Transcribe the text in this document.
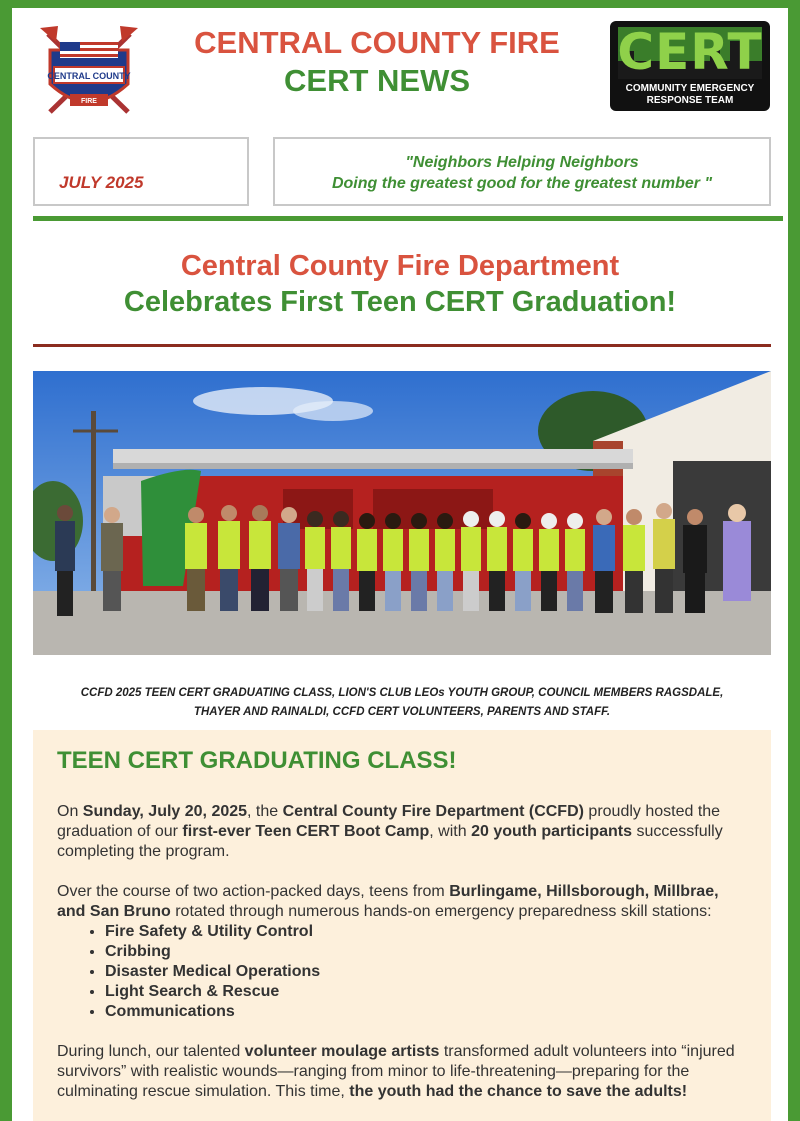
CENTRAL COUNTY
FIRE
CENTRAL COUNTY FIRE
CERT NEWS	CERT
COMMUNITY EMERGENCY
RESPONSE TEAM
JULY 2025
"Neighbors Helping Neighbors
Doing the greatest good for the greatest number "
Central County Fire Department
Celebrates First Teen CERT Graduation!
CCFD 2025 TEEN CERT GRADUATING CLASS, LION'S CLUB LEOs YOUTH GROUP, COUNCIL MEMBERS RAGSDALE,
THAYER AND RAINALDI, CCFD CERT VOLUNTEERS, PARENTS AND STAFF.
TEEN CERT GRADUATING CLASS!

On Sunday, July 20, 2025, the Central County Fire Department (CCFD) proudly hosted the graduation of our first-ever Teen CERT Boot Camp, with 20 youth participants successfully completing the program.

Over the course of two action-packed days, teens from Burlingame, Hillsborough, Millbrae, and San Bruno rotated through numerous hands-on emergency preparedness skill stations:

• Fire Safety & Utility Control
• Cribbing
• Disaster Medical Operations
• Light Search & Rescue
• Communications

During lunch, our talented volunteer moulage artists transformed adult volunteers into “injured survivors” with realistic wounds—ranging from minor to life-threatening—preparing for the culminating rescue simulation. This time, the youth had the chance to save the adults!
